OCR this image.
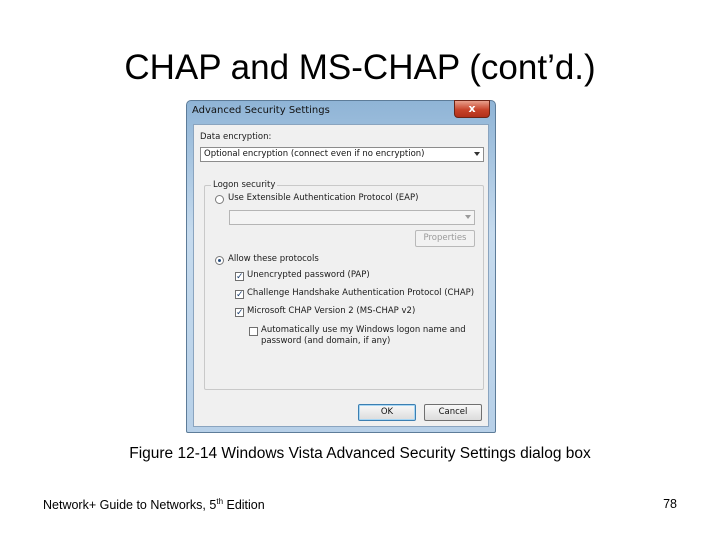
CHAP and MS-CHAP (cont’d.)
Advanced Security Settings	x
Data encryption:
Optional encryption (connect even if no encryption)
Logon security
Use Extensible Authentication Protocol (EAP)
Properties
Allow these protocols
✓ Unencrypted password (PAP)
✓ Challenge Handshake Authentication Protocol (CHAP)
✓ Microsoft CHAP Version 2 (MS-CHAP v2)
Automatically use my Windows logon name and
password (and domain, if any)
OK	Cancel
Figure 12-14 Windows Vista Advanced Security Settings dialog box
Network+ Guide to Networks, 5th Edition	78
